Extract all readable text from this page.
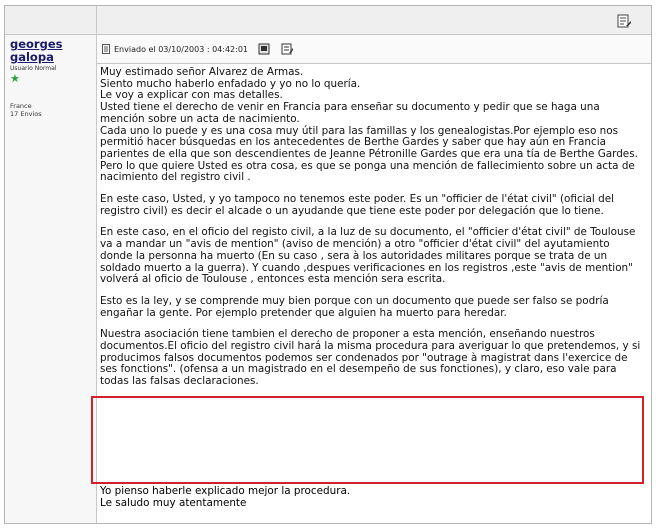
georges galopa
Usuario Normal
★
France
17 Envios
Enviado el 03/10/2003 : 04:42:01

Muy estimado señor Alvarez de Armas.

Siento mucho haberlo enfadado y yo no lo quería.

Le voy a explicar con mas detalles.

Usted tiene el derecho de venir en Francia para enseñar su documento y pedir que se haga una mención sobre un acta de nacimiento.

Cada uno lo puede y es una cosa muy útil para las famillas y los genealogistas.Por ejemplo eso nos permitió hacer búsquedas en los antecedentes de Berthe Gardes y saber que hay aún en Francia parientes de ella que son descendientes de Jeanne Pétronille Gardes que era una tía de Berthe Gardes.

Pero lo que quiere Usted es otra cosa, es que se ponga una mención de fallecimiento sobre un acta de nacimiento del registro civil .

En este caso, Usted, y yo tampoco no tenemos este poder. Es un "officier de l'état civil" (oficial del registro civil) es decir el alcade o un ayudande que tiene este poder por delegación que lo tiene.

En este caso, en el oficio del registo civil, a la luz de su documento, el "officier d'état civil" de Toulouse va a mandar un "avis de mention" (aviso de mención) a otro "officier d'état civil" del ayutamiento donde la personna ha muerto (En su caso , sera à los autoridades militares porque se trata de un soldado muerto a la guerra). Y cuando ,despues verificaciones en los registros ,este "avis de mention" volverá al oficio de Toulouse , entonces esta mención sera escrita.

Esto es la ley, y se comprende muy bien porque con un documento que puede ser falso se podría engañar la gente. Por ejemplo pretender que alguien ha muerto para heredar.

Nuestra asociación tiene tambien el derecho de proponer a esta mención, enseñando nuestros documentos.El oficio del registro civil hará la misma procedura para averiguar lo que pretendemos, y si producimos falsos documentos podemos ser condenados por "outrage à magistrat dans l'exercice de ses fonctions". (ofensa a un magistrado en el desempeño de sus fonctiones), y claro, eso vale para todas las falsas declaraciones.

Yo pienso haberle explicado mejor la procedura.

Le saludo muy atentamente
